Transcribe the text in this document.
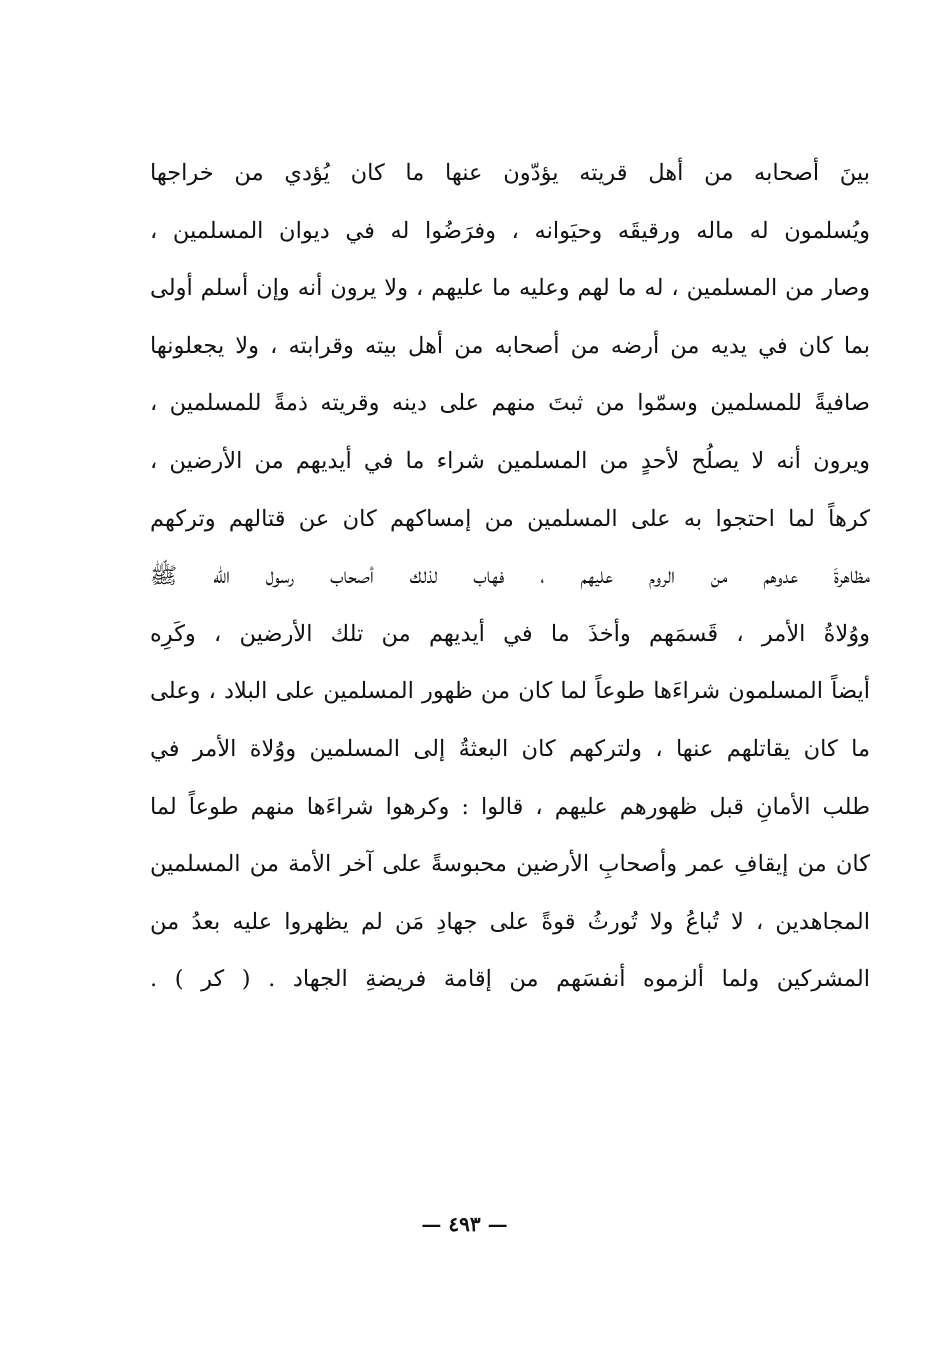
بينَ أصحابه من أهل قريته يؤدّون عنها ما كان يُؤدي من خراجها
ويُسلمون له ماله ورقيقَه وحيَوانه ، وفرَضُوا له في ديوان المسلمين ،
وصار من المسلمين ، له ما لهم وعليه ما عليهم ، ولا يرون أنه وإن أسلم أولى
بما كان في يديه من أرضه من أصحابه من أهل بيته وقرابته ، ولا يجعلونها
صافيةً للمسلمين وسمّوا من ثبتَ منهم على دينه وقريته ذمةً للمسلمين ،
ويرون أنه لا يصلُح لأحدٍ من المسلمين شراء ما في أيديهم من الأرضين ،
كرهاً لما احتجوا به على المسلمين من إمساكهم كان عن قتالهم وتركهم
مظاهرةَ عدوهم من الروم عليهم ، فهاب لذلك أصحاب رسول الله ﷺ
ووُلاةُ الأمر ، قَسمَهم وأخذَ ما في أيديهم من تلك الأرضين ، وكَرِه
أيضاً المسلمون شراءَها طوعاً لما كان من ظهور المسلمين على البلاد ، وعلى
ما كان يقاتلهم عنها ، ولتركهم كان البعثةُ إلى المسلمين ووُلاة الأمر في
طلب الأمانِ قبل ظهورهم عليهم ، قالوا : وكرهوا شراءَها منهم طوعاً لما
كان من إيقافِ عمر وأصحابِ الأرضين محبوسةً على آخر الأمة من المسلمين
المجاهدين ، لا تُباعُ ولا تُورثُ قوةً على جهادِ مَن لم يظهروا عليه بعدُ من
المشركين ولما ألزموه أنفسَهم من إقامة فريضةِ الجهاد . ( كر ) .
— ٤٩٣ —
